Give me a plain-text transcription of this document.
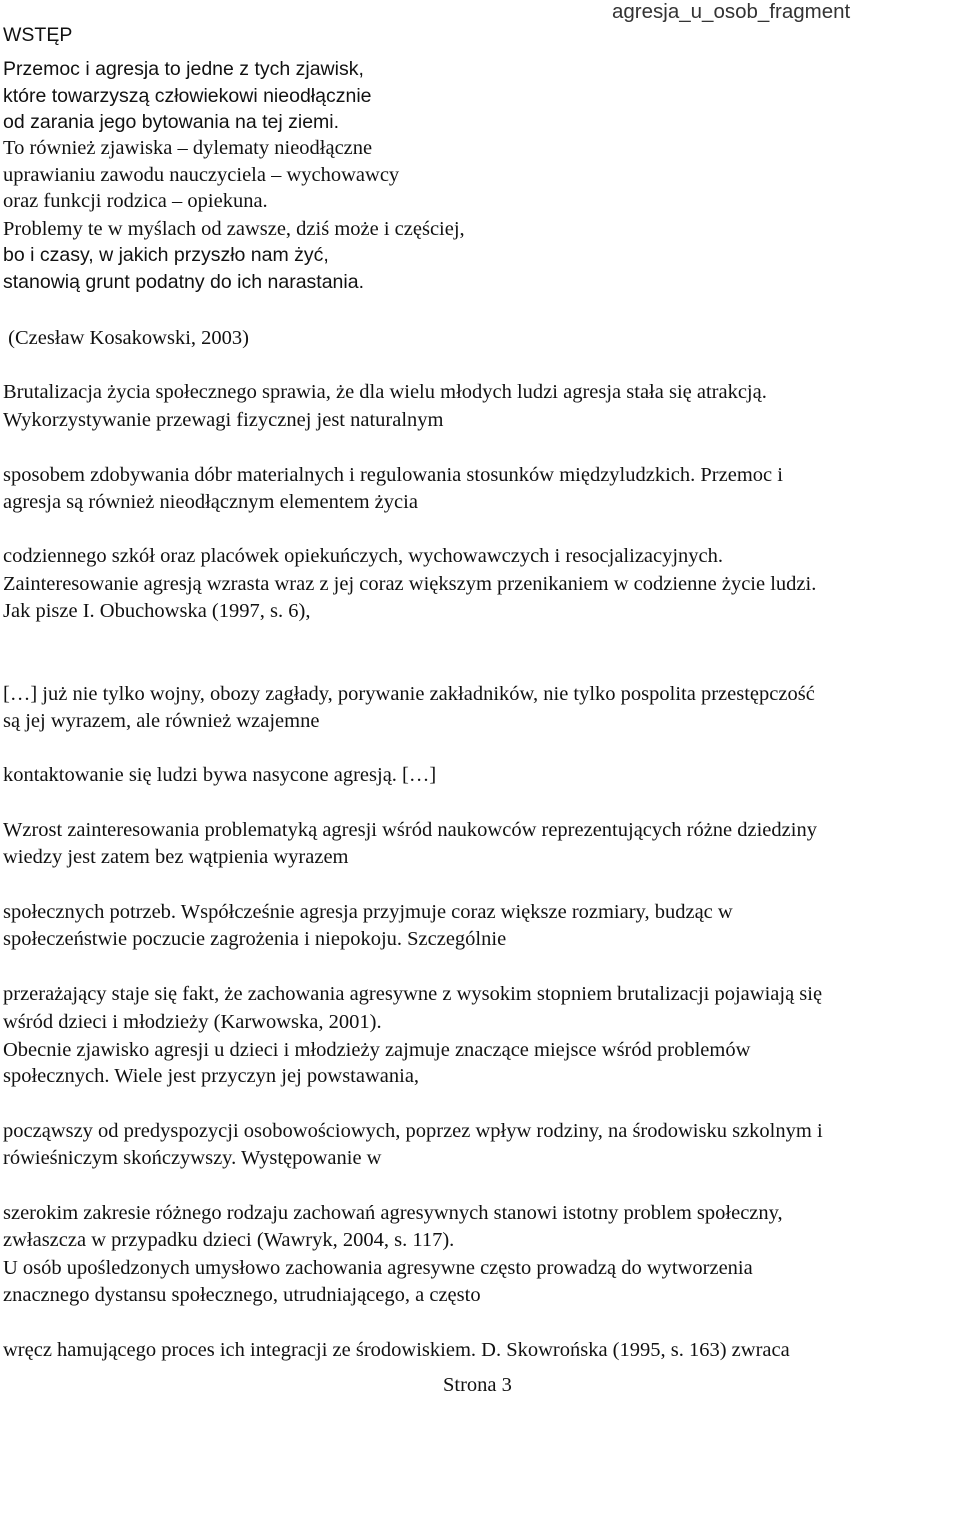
agresja_u_osob_fragment
WSTĘP
Przemoc i agresja to jedne z tych zjawisk,
które towarzyszą człowiekowi nieodłącznie
od zarania jego bytowania na tej ziemi.
To również zjawiska – dylematy nieodłączne
uprawianiu zawodu nauczyciela – wychowawcy
oraz funkcji rodzica – opiekuna.
Problemy te w myślach od zawsze, dziś może i częściej,
bo i czasy, w jakich przyszło nam żyć,
stanowią grunt podatny do ich narastania.
(Czesław Kosakowski, 2003)
Brutalizacja życia społecznego sprawia, że dla wielu młodych ludzi agresja stała się atrakcją.
Wykorzystywanie przewagi fizycznej jest naturalnym
sposobem zdobywania dóbr materialnych i regulowania stosunków międzyludzkich. Przemoc i
agresja są również nieodłącznym elementem życia
codziennego szkół oraz placówek opiekuńczych, wychowawczych i resocjalizacyjnych.
Zainteresowanie agresją wzrasta wraz z jej coraz większym przenikaniem w codzienne życie ludzi.
Jak pisze I. Obuchowska (1997, s. 6),
[…] już nie tylko wojny, obozy zagłady, porywanie zakładników, nie tylko pospolita przestępczość
są jej wyrazem, ale również wzajemne
kontaktowanie się ludzi bywa nasycone agresją. […]
Wzrost zainteresowania problematyką agresji wśród naukowców reprezentujących różne dziedziny
wiedzy jest zatem bez wątpienia wyrazem
społecznych potrzeb. Współcześnie agresja przyjmuje coraz większe rozmiary, budząc w
społeczeństwie poczucie zagrożenia i niepokoju. Szczególnie
przerażający staje się fakt, że zachowania agresywne z wysokim stopniem brutalizacji pojawiają się
wśród dzieci i młodzieży (Karwowska, 2001).
Obecnie zjawisko agresji u dzieci i młodzieży zajmuje znaczące miejsce wśród problemów
społecznych. Wiele jest przyczyn jej powstawania,
począwszy od predyspozycji osobowościowych, poprzez wpływ rodziny, na środowisku szkolnym i
rówieśniczym skończywszy. Występowanie w
szerokim zakresie różnego rodzaju zachowań agresywnych stanowi istotny problem społeczny,
zwłaszcza w przypadku dzieci (Wawryk, 2004, s. 117).
U osób upośledzonych umysłowo zachowania agresywne często prowadzą do wytworzenia
znacznego dystansu społecznego, utrudniającego, a często
wręcz hamującego proces ich integracji ze środowiskiem. D. Skowrońska (1995, s. 163) zwraca
Strona 3
